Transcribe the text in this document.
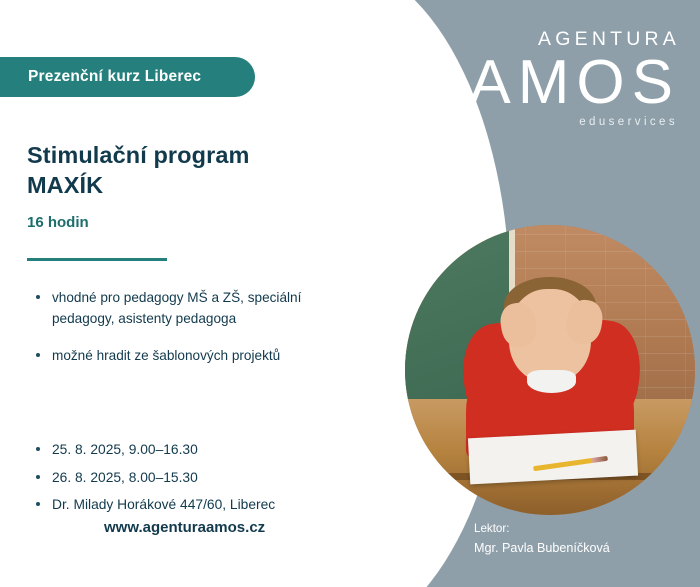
AGENTURA
AMOS
eduservices
Prezenční kurz Liberec
Stimulační program
MAXÍK
16 hodin
vhodné pro pedagogy MŠ a ZŠ, speciální pedagogy, asistenty pedagoga
možné hradit ze šablonových projektů
25. 8. 2025, 9.00–16.30
26. 8. 2025, 8.00–15.30
Dr. Milady Horákové 447/60, Liberec
www.agenturaamos.cz	Lektor:
Mgr. Pavla Bubeníčková
